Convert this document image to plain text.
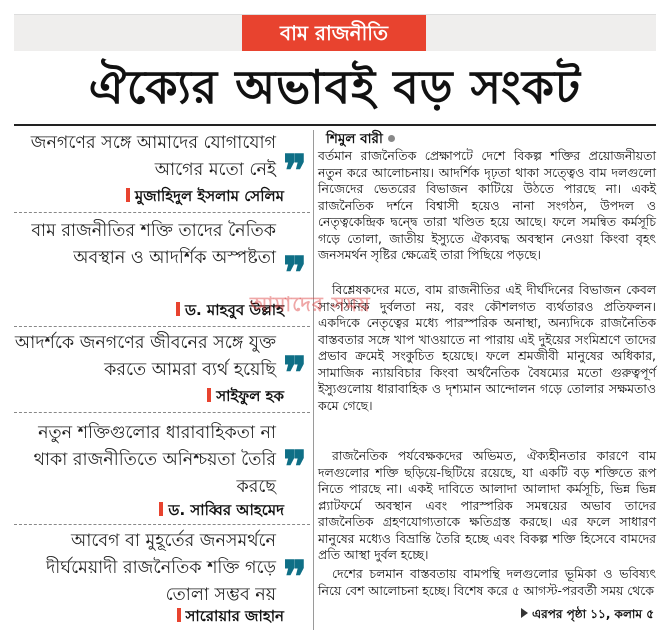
বাম রাজনীতি
ঐক্যের অভাবই বড় সংকট
জনগণের সঙ্গে আমাদের যোগাযোগ আগের মতো নেই ❞
মুজাহিদুল ইসলাম সেলিম
বাম রাজনীতির শক্তি তাদের নৈতিক অবস্থান ও আদর্শিক অস্পষ্টতা ❞
ড. মাহবুব উল্লাহ
আদর্শকে জনগণের জীবনের সঙ্গে যুক্ত করতে আমরা ব্যর্থ হয়েছি ❞
সাইফুল হক
নতুন শক্তিগুলোর ধারাবাহিকতা না থাকা রাজনীতিতে অনিশ্চয়তা তৈরি করছে ❞
ড. সাব্বির আহমেদ
আবেগ বা মুহূর্তের জনসমর্থনে দীর্ঘমেয়াদী রাজনৈতিক শক্তি গড়ে তোলা সম্ভব নয় ❞
সারোয়ার জাহান
শিমুল বারী
বর্তমান রাজনৈতিক প্রেক্ষাপটে দেশে বিকল্প শক্তির প্রয়োজনীয়তা নতুন করে আলোচনায়। আদর্শিক দৃঢ়তা থাকা সত্ত্বেও বাম দলগুলো নিজেদের ভেতরের বিভাজন কাটিয়ে উঠতে পারছে না। একই রাজনৈতিক দর্শনে বিশ্বাসী হয়েও নানা সংগঠন, উপদল ও নেতৃত্বকেন্দ্রিক দ্বন্দ্বে তারা খণ্ডিত হয়ে আছে। ফলে সমন্বিত কর্মসূচি গড়ে তোলা, জাতীয় ইস্যুতে ঐক্যবদ্ধ অবস্থান নেওয়া কিংবা বৃহৎ জনসমর্থন সৃষ্টির ক্ষেত্রেই তারা পিছিয়ে পড়ছে।
বিশ্লেষকদের মতে, বাম রাজনীতির এই দীর্ঘদিনের বিভাজন কেবল সাংগঠনিক দুর্বলতা নয়, বরং কৌশলগত ব্যর্থতারও প্রতিফলন। একদিকে নেতৃত্বের মধ্যে পারস্পরিক অনাস্থা, অন্যদিকে রাজনৈতিক বাস্তবতার সঙ্গে খাপ খাওয়াতে না পারায় এই দুইয়ের সংমিশ্রণে তাদের প্রভাব ক্রমেই সংকুচিত হয়েছে। ফলে শ্রমজীবী মানুষের অধিকার, সামাজিক ন্যায়বিচার কিংবা অর্থনৈতিক বৈষম্যের মতো গুরুত্বপূর্ণ ইস্যুগুলোয় ধারাবাহিক ও দৃশ্যমান আন্দোলন গড়ে তোলার সক্ষমতাও কমে গেছে।
রাজনৈতিক পর্যবেক্ষকদের অভিমত, ঐক্যহীনতার কারণে বাম দলগুলোর শক্তি ছড়িয়ে-ছিটিয়ে রয়েছে, যা একটি বড় শক্তিতে রূপ নিতে পারছে না। একই দাবিতে আলাদা আলাদা কর্মসূচি, ভিন্ন ভিন্ন প্ল্যাটফর্মে অবস্থান এবং পারস্পরিক সমন্বয়ের অভাব তাদের রাজনৈতিক গ্রহণযোগ্যতাকে ক্ষতিগ্রস্ত করছে। এর ফলে সাধারণ মানুষের মধ্যেও বিভ্রান্তি তৈরি হচ্ছে এবং বিকল্প শক্তি হিসেবে বামদের প্রতি আস্থা দুর্বল হচ্ছে।
দেশের চলমান বাস্তবতায় বামপন্থি দলগুলোর ভূমিকা ও ভবিষ্যৎ নিয়ে বেশ আলোচনা হচ্ছে। বিশেষ করে ৫ আগস্ট-পরবর্তী সময় থেকে
এরপর পৃষ্ঠা ১১, কলাম ৫
আমাদের সময়
